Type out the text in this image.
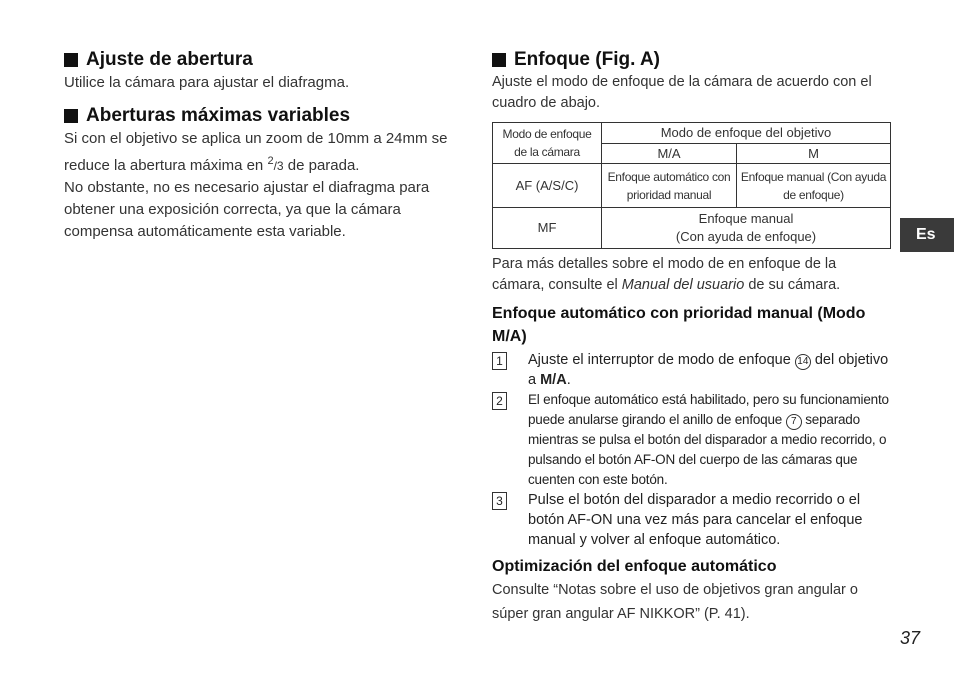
Ajuste de abertura

Utilice la cámara para ajustar el diafragma.

Aberturas máximas variables

Si con el objetivo se aplica un zoom de 10mm a 24mm se reduce la abertura máxima en $^2$/3 de parada.

No obstante, no es necesario ajustar el diafragma para obtener una exposición correcta, ya que la cámara compensa automáticamente esta variable.

Enfoque (Fig. A)

Ajuste el modo de enfoque de la cámara de acuerdo con el cuadro de abajo.

Modo de enfoque de la cámara	Modo de enfoque del objetivo	
	M/A	M
AF (A/S/C)	Enfoque automático con prioridad manual	Enfoque manual (Con ayuda de enfoque)
MF	Enfoque manual
(Con ayuda de enfoque)	

Para más detalles sobre el modo de en enfoque de la cámara, consulte el Manual del usuario de su cámara.

Enfoque automático con prioridad manual (Modo M/A)
1 Ajuste el interruptor de modo de enfoque 14 del objetivo a M/A.
2	El enfoque automático está habilitado, pero su funcionamiento puede anularse girando el anillo de enfoque 7 separado mientras se pulsa el botón del disparador a medio recorrido, o pulsando el botón AF-ON del cuerpo de las cámaras que cuenten con este botón.
3 Pulse el botón del disparador a medio recorrido o el botón AF-ON una vez más para cancelar el enfoque manual y volver al enfoque automático.
Optimización del enfoque automático

Consulte “Notas sobre el uso de objetivos gran angular o súper gran angular AF NIKKOR” (P. 41).

Es
37
